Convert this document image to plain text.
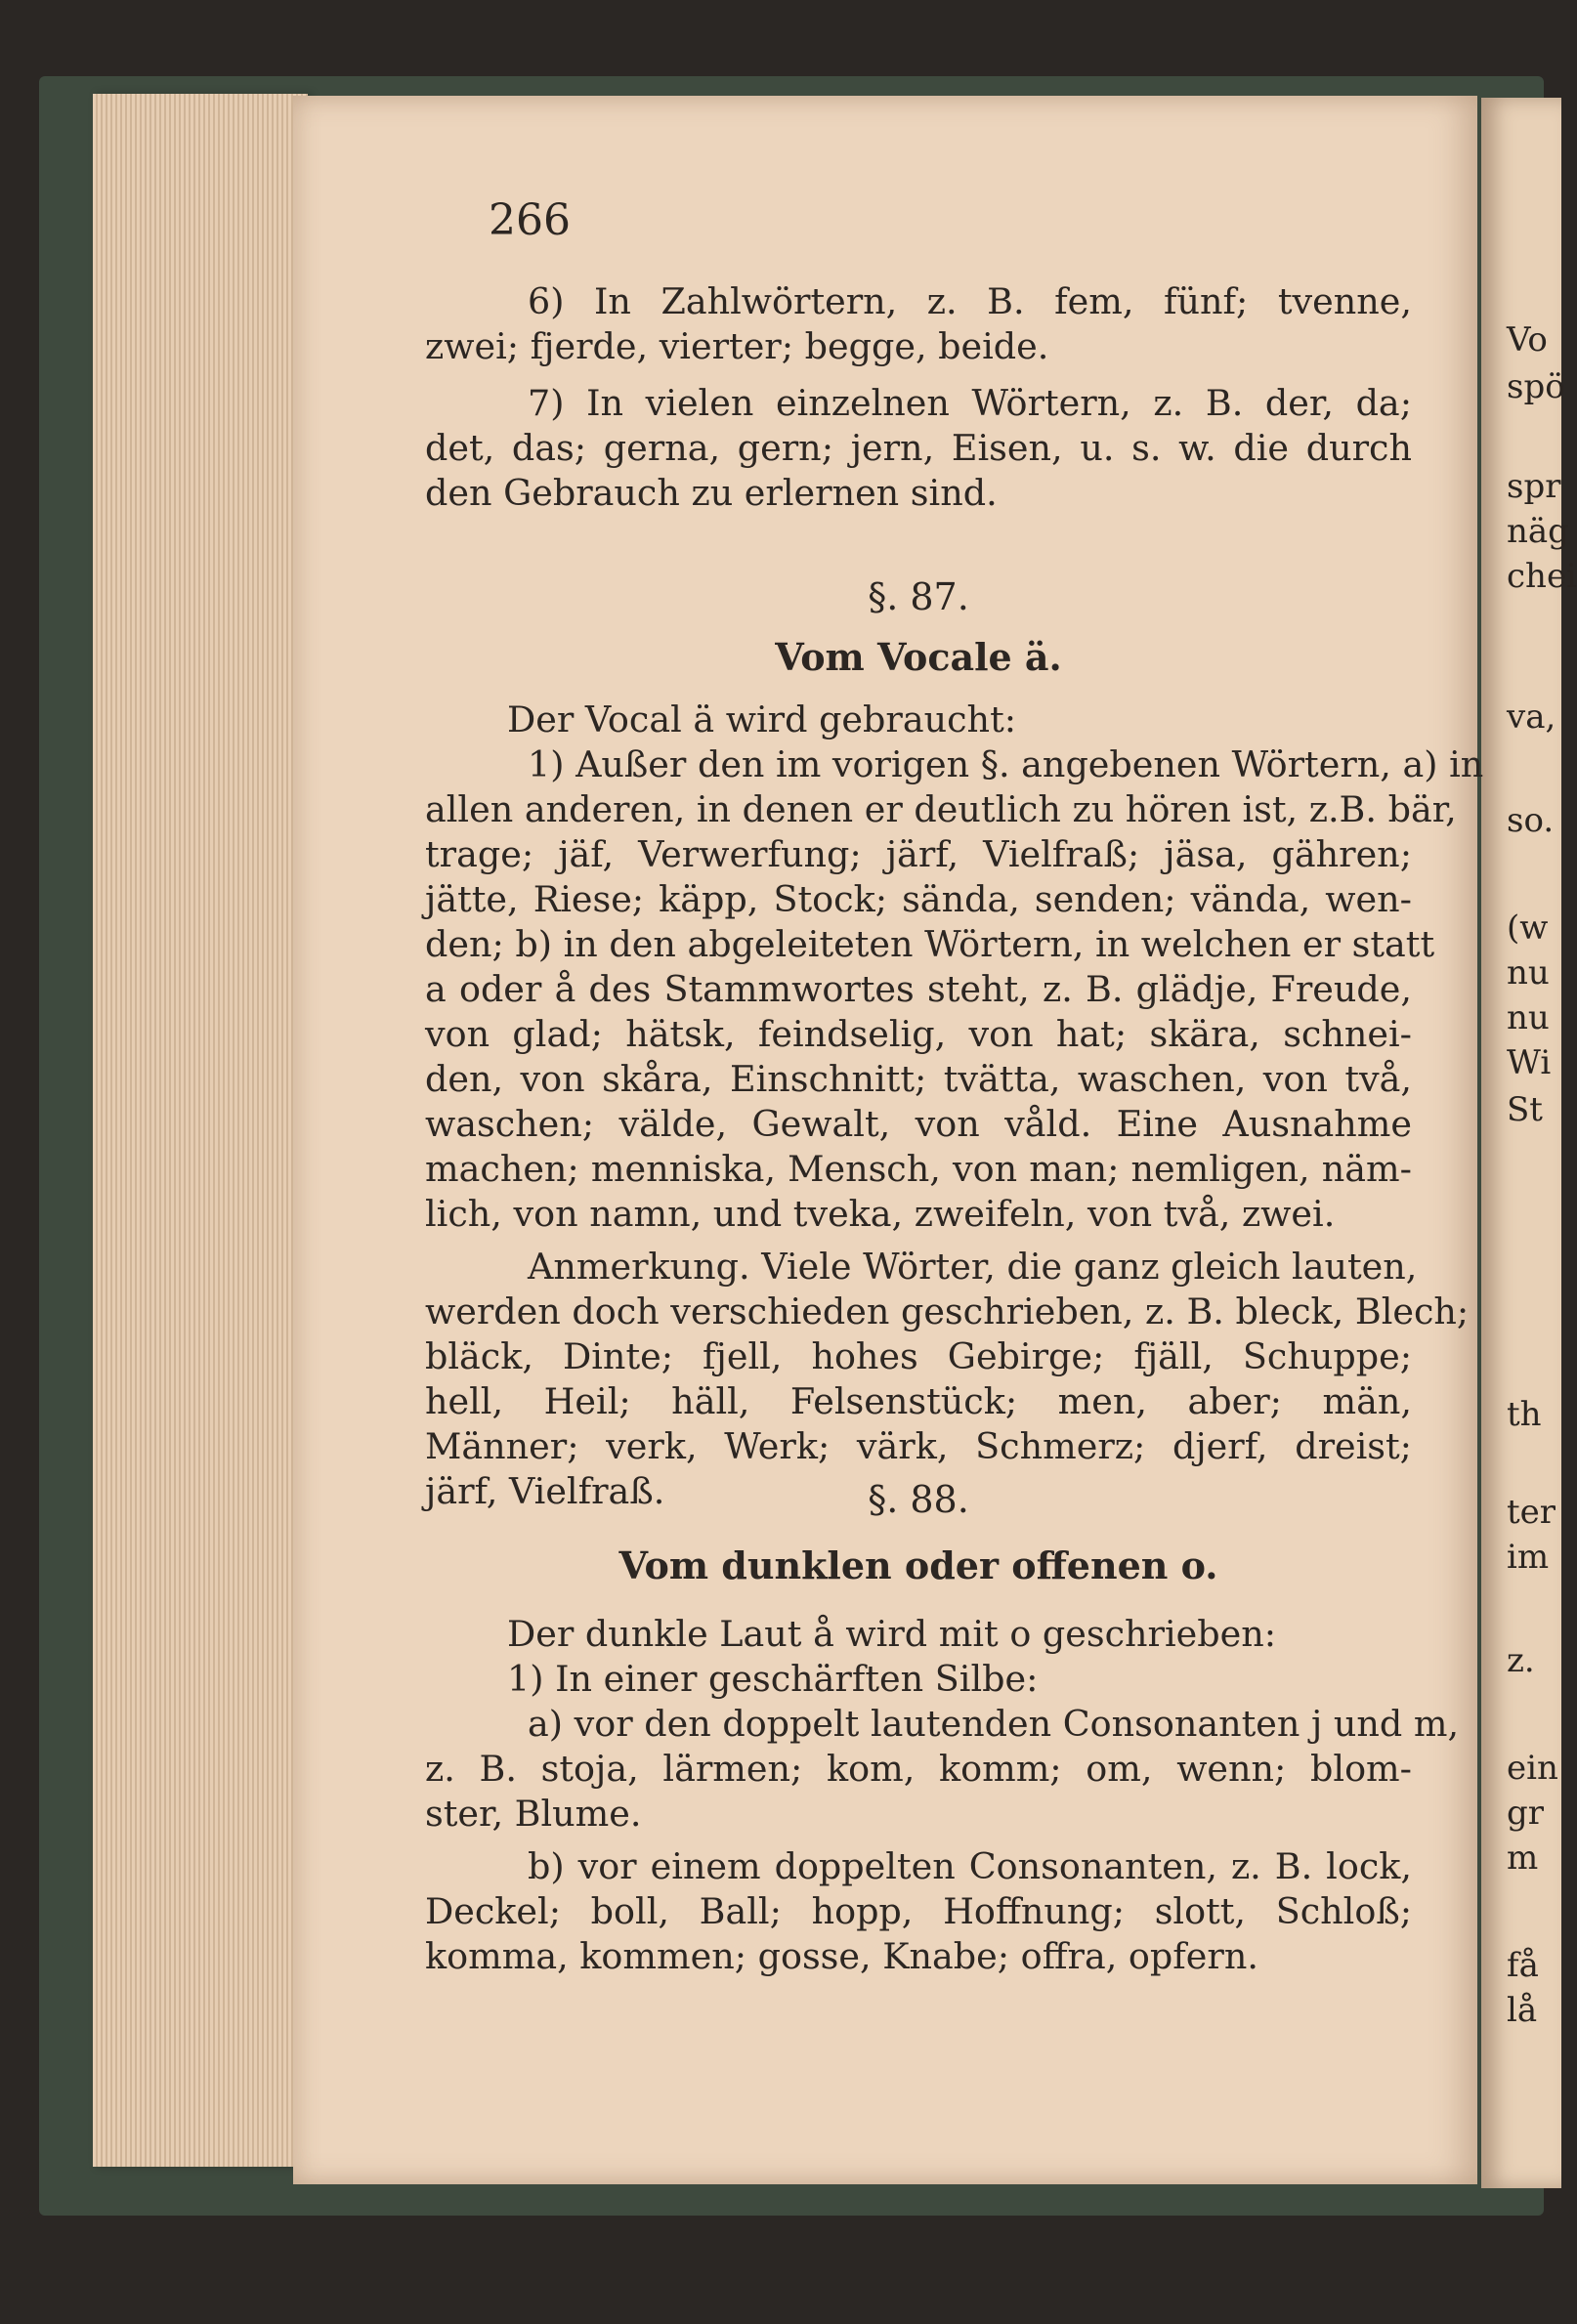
Vo
spö
spr
näg
chei
va,
so.
(w
nu
nu
Wi
St
th
ter
im
z.
ein
gr
m
få
lå
266
6) In Zahlwörtern, z. B. fem, fünf; tvenne,
zwei; fjerde, vierter; begge, beide.
7) In vielen einzelnen Wörtern, z. B. der, da;
det, das; gerna, gern; jern, Eisen, u. s. w. die durch
den Gebrauch zu erlernen sind.
§. 87.
Vom Vocale ä.
Der Vocal ä wird gebraucht:
1) Außer den im vorigen §. angebenen Wörtern, a) in
allen anderen, in denen er deutlich zu hören ist, z.B. bär,
trage; jäf, Verwerfung; järf, Vielfraß; jäsa, gähren;
jätte, Riese; käpp, Stock; sända, senden; vända, wen-
den; b) in den abgeleiteten Wörtern, in welchen er statt
a oder å des Stammwortes steht, z. B. glädje, Freude,
von glad; hätsk, feindselig, von hat; skära, schnei-
den, von skåra, Einschnitt; tvätta, waschen, von två,
waschen; välde, Gewalt, von våld. Eine Ausnahme
machen; menniska, Mensch, von man; nemligen, näm-
lich, von namn, und tveka, zweifeln, von två, zwei.
Anmerkung. Viele Wörter, die ganz gleich lauten,
werden doch verschieden geschrieben, z. B. bleck, Blech;
bläck, Dinte; fjell, hohes Gebirge; fjäll, Schuppe;
hell, Heil; häll, Felsenstück; men, aber; män,
Männer; verk, Werk; värk, Schmerz; djerf, dreist;
järf, Vielfraß.	§. 88.
Vom dunklen oder offenen o.
Der dunkle Laut å wird mit o geschrieben:
1) In einer geschärften Silbe:
a) vor den doppelt lautenden Consonanten j und m,
z. B. stoja, lärmen; kom, komm; om, wenn; blom-
ster, Blume.
b) vor einem doppelten Consonanten, z. B. lock,
Deckel; boll, Ball; hopp, Hoffnung; slott, Schloß;
komma, kommen; gosse, Knabe; offra, opfern.
